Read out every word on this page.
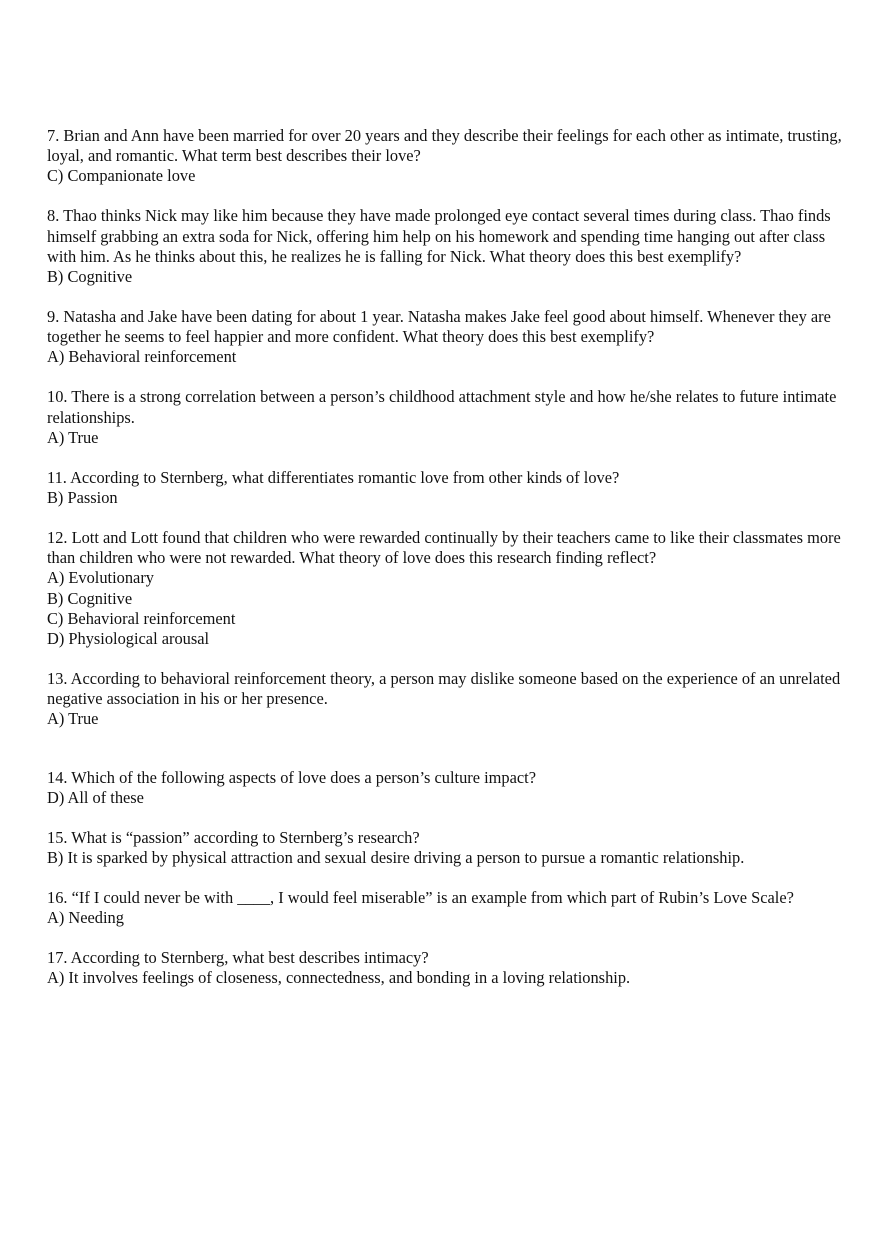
7. Brian and Ann have been married for over 20 years and they describe their feelings for each other as intimate, trusting, loyal, and romantic. What term best describes their love?

C) Companionate love

8. Thao thinks Nick may like him because they have made prolonged eye contact several times during class. Thao finds himself grabbing an extra soda for Nick, offering him help on his homework and spending time hanging out after class with him. As he thinks about this, he realizes he is falling for Nick. What theory does this best exemplify?

B) Cognitive

9. Natasha and Jake have been dating for about 1 year. Natasha makes Jake feel good about himself. Whenever they are together he seems to feel happier and more confident. What theory does this best exemplify?

A) Behavioral reinforcement

10. There is a strong correlation between a person’s childhood attachment style and how he/she relates to future intimate relationships.

A) True

11. According to Sternberg, what differentiates romantic love from other kinds of love?

B) Passion

12. Lott and Lott found that children who were rewarded continually by their teachers came to like their classmates more than children who were not rewarded. What theory of love does this research finding reflect?

A) Evolutionary

B) Cognitive

C) Behavioral reinforcement

D) Physiological arousal

13. According to behavioral reinforcement theory, a person may dislike someone based on the experience of an unrelated negative association in his or her presence.

A) True

14. Which of the following aspects of love does a person’s culture impact?

D) All of these

15. What is “passion” according to Sternberg’s research?

B) It is sparked by physical attraction and sexual desire driving a person to pursue a romantic relationship.

16. “If I could never be with ____, I would feel miserable” is an example from which part of Rubin’s Love Scale?

A) Needing

17. According to Sternberg, what best describes intimacy?

A) It involves feelings of closeness, connectedness, and bonding in a loving relationship.
